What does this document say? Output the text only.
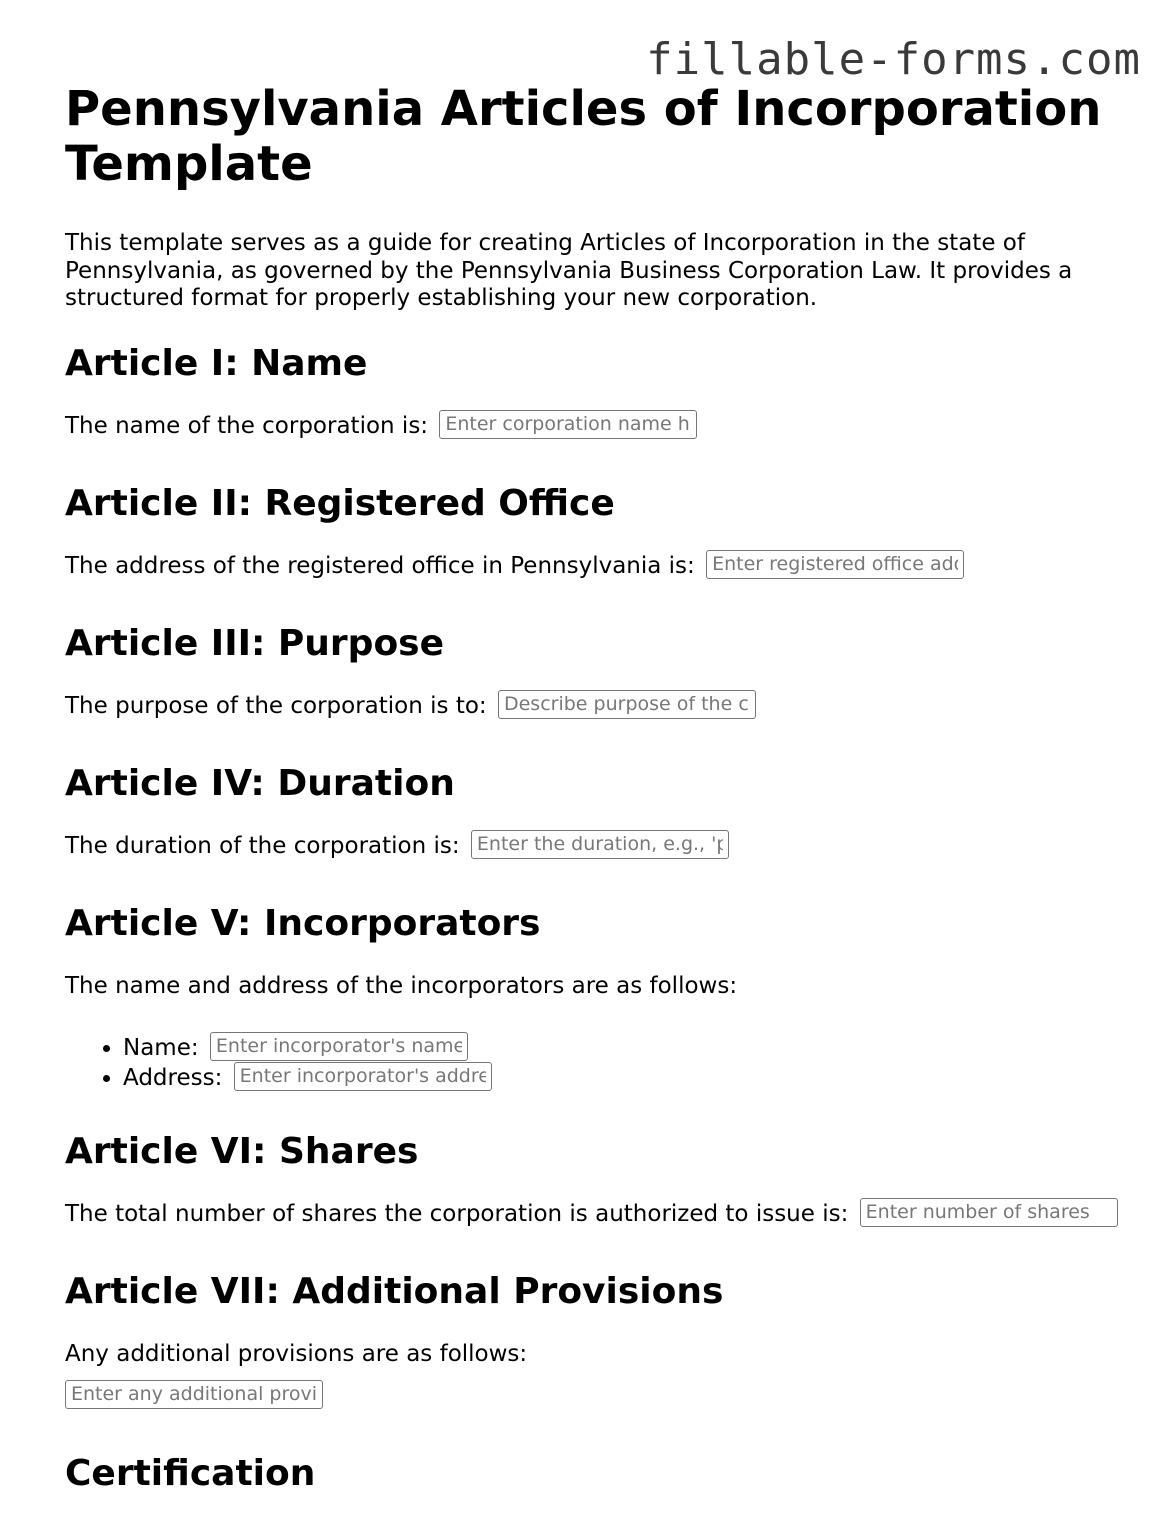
fillable-forms.com
Pennsylvania Articles of Incorporation Template

This template serves as a guide for creating Articles of Incorporation in the state of Pennsylvania, as governed by the Pennsylvania Business Corporation Law. It provides a structured format for properly establishing your new corporation.

Article I: Name
The name of the corporation is: Enter corporation name here
Article II: Registered Office
The address of the registered office in Pennsylvania is: Enter registered office address
Article III: Purpose
The purpose of the corporation is to: Describe purpose of the corporation
Article IV: Duration
The duration of the corporation is: Enter the duration, e.g., 'perpetual'
Article V: Incorporators
The name and address of the incorporators are as follows:
• Name: Enter incorporator's name
• Address: Enter incorporator's address
Article VI: Shares
The total number of shares the corporation is authorized to issue is: Enter number of shares
Article VII: Additional Provisions
Any additional provisions are as follows:
Enter any additional provisions
Certification
